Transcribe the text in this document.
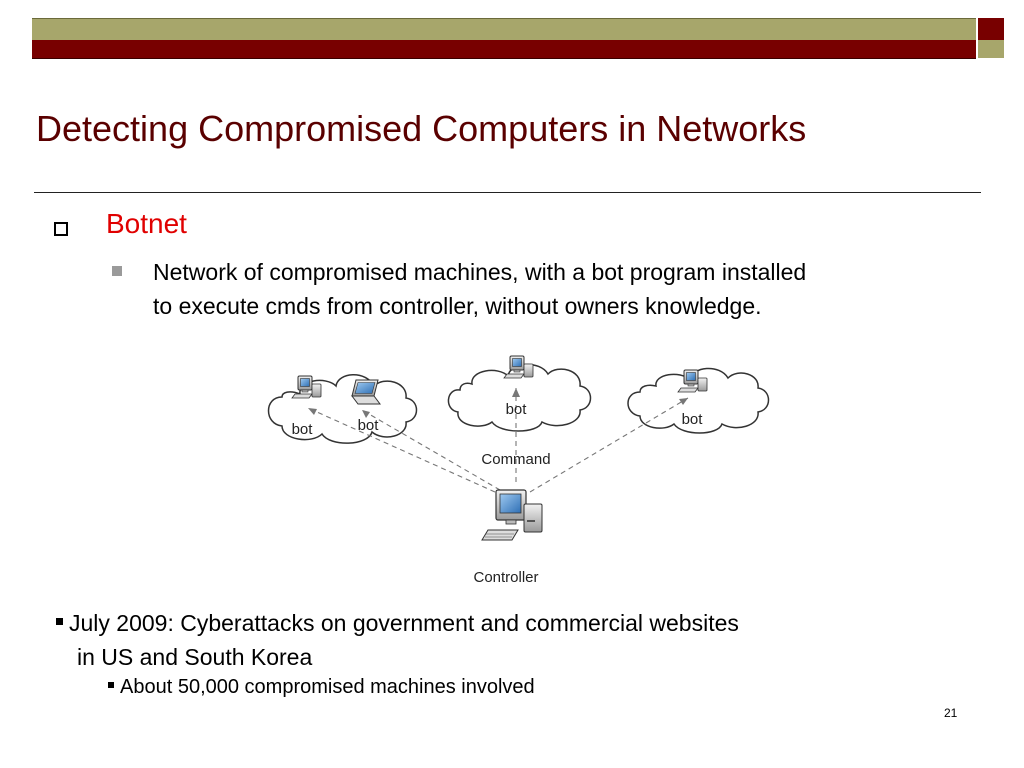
Detecting Compromised Computers in Networks
Botnet
Network of compromised machines, with a bot program installed
to execute cmds from controller, without owners knowledge.
bot	bot
bot
bot
Command
Controller
July 2009: Cyberattacks on government and commercial websites
in US and South Korea
About 50,000 compromised machines involved
21
